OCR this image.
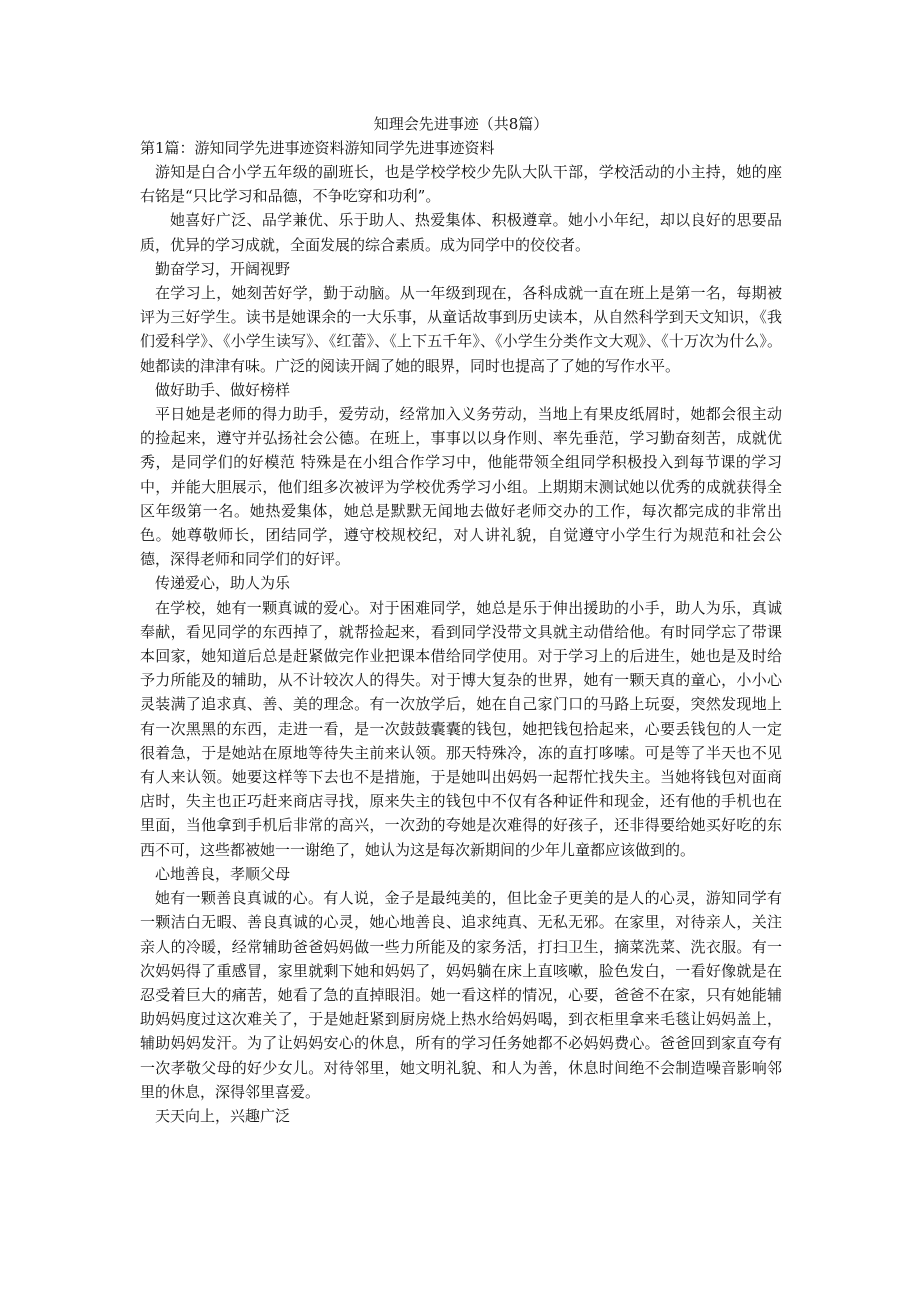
知理会先进事迹（共8篇）
第1篇：游知同学先进事迹资料游知同学先进事迹资料

游知是白合小学五年级的副班长，也是学校学校少先队大队干部，学校活动的小主持，她的座右铭是“只比学习和品德，不争吃穿和功利”。

她喜好广泛、品学兼优、乐于助人、热爱集体、积极遵章。她小小年纪，却以良好的思要品质，优异的学习成就，全面发展的综合素质。成为同学中的佼佼者。

勤奋学习，开阔视野

在学习上，她刻苦好学，勤于动脑。从一年级到现在，各科成就一直在班上是第一名，每期被评为三好学生。读书是她课余的一大乐事，从童话故事到历史读本，从自然科学到天文知识，《我们爱科学》、《小学生读写》、《红蕾》、《上下五千年》、《小学生分类作文大观》、《十万次为什么》。她都读的津津有味。广泛的阅读开阔了她的眼界，同时也提高了了她的写作水平。

做好助手、做好榜样

平日她是老师的得力助手，爱劳动，经常加入义务劳动，当地上有果皮纸屑时，她都会很主动的捡起来，遵守并弘扬社会公德。在班上，事事以以身作则、率先垂范，学习勤奋刻苦，成就优秀，是同学们的好模范 特殊是在小组合作学习中，他能带领全组同学积极投入到每节课的学习中，并能大胆展示，他们组多次被评为学校优秀学习小组。上期期末测试她以优秀的成就获得全区年级第一名。她热爱集体，她总是默默无闻地去做好老师交办的工作，每次都完成的非常出色。她尊敬师长，团结同学，遵守校规校纪，对人讲礼貌，自觉遵守小学生行为规范和社会公德，深得老师和同学们的好评。

传递爱心，助人为乐

在学校，她有一颗真诚的爱心。对于困难同学，她总是乐于伸出援助的小手，助人为乐，真诚奉献，看见同学的东西掉了，就帮捡起来，看到同学没带文具就主动借给他。有时同学忘了带课本回家，她知道后总是赶紧做完作业把课本借给同学使用。对于学习上的后进生，她也是及时给予力所能及的辅助，从不计较次人的得失。对于博大复杂的世界，她有一颗天真的童心，小小心灵装满了追求真、善、美的理念。有一次放学后，她在自己家门口的马路上玩耍，突然发现地上有一次黑黑的东西，走进一看，是一次鼓鼓囊囊的钱包，她把钱包拾起来，心要丢钱包的人一定很着急，于是她站在原地等待失主前来认领。那天特殊冷，冻的直打哆嗦。可是等了半天也不见有人来认领。她要这样等下去也不是措施，于是她叫出妈妈一起帮忙找失主。当她将钱包对面商店时，失主也正巧赶来商店寻找，原来失主的钱包中不仅有各种证件和现金，还有他的手机也在里面，当他拿到手机后非常的高兴，一次劲的夸她是次难得的好孩子，还非得要给她买好吃的东西不可，这些都被她一一谢绝了，她认为这是每次新期间的少年儿童都应该做到的。

心地善良，孝顺父母

她有一颗善良真诚的心。有人说，金子是最纯美的，但比金子更美的是人的心灵，游知同学有一颗洁白无暇、善良真诚的心灵，她心地善良、追求纯真、无私无邪。在家里，对待亲人，关注亲人的冷暖，经常辅助爸爸妈妈做一些力所能及的家务活，打扫卫生，摘菜洗菜、洗衣服。有一次妈妈得了重感冒，家里就剩下她和妈妈了，妈妈躺在床上直咳嗽，脸色发白，一看好像就是在忍受着巨大的痛苦，她看了急的直掉眼泪。她一看这样的情况，心要，爸爸不在家，只有她能辅助妈妈度过这次难关了，于是她赶紧到厨房烧上热水给妈妈喝，到衣柜里拿来毛毯让妈妈盖上，辅助妈妈发汗。为了让妈妈安心的休息，所有的学习任务她都不必妈妈费心。爸爸回到家直夸有一次孝敬父母的好少女儿。对待邻里，她文明礼貌、和人为善，休息时间绝不会制造噪音影响邻里的休息，深得邻里喜爱。

天天向上，兴趣广泛
